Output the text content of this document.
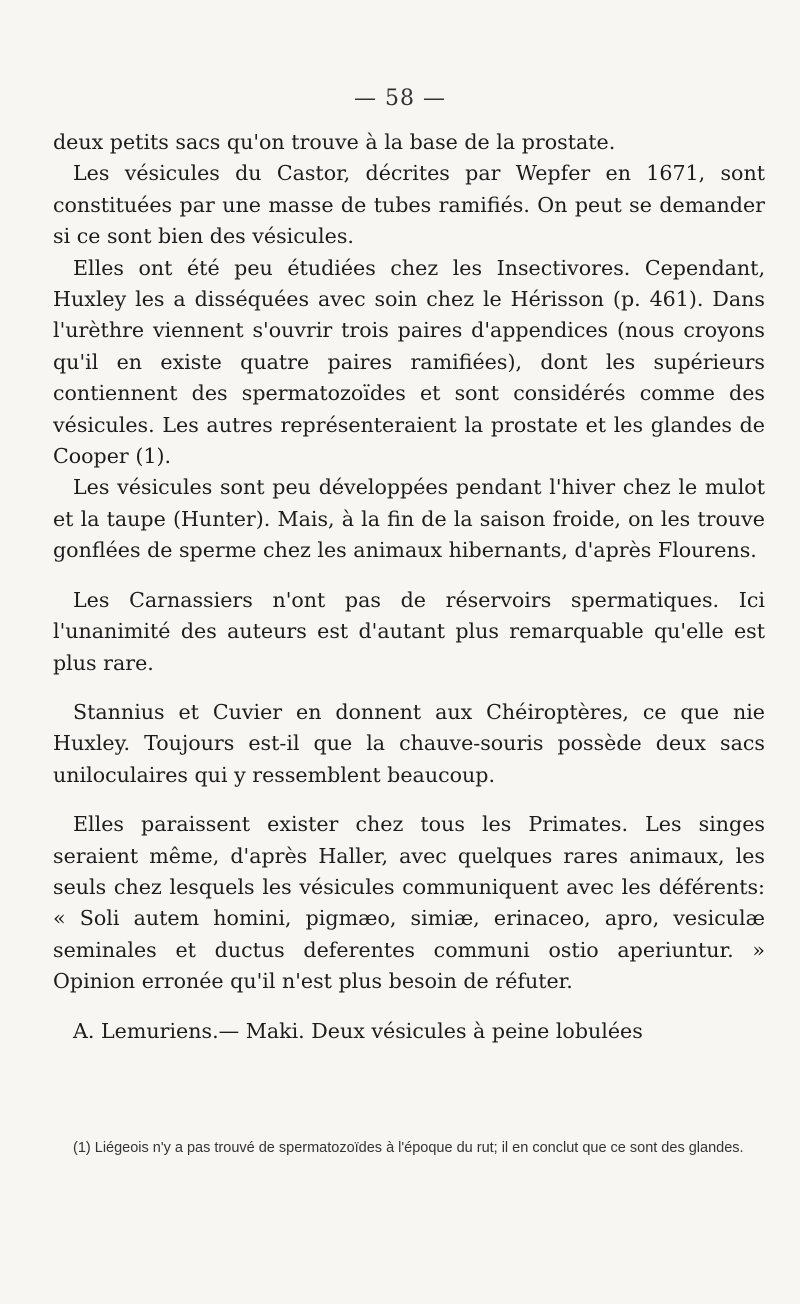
— 58 —

deux petits sacs qu'on trouve à la base de la prostate.

Les vésicules du Castor, décrites par Wepfer en 1671, sont constituées par une masse de tubes ramifiés. On peut se demander si ce sont bien des vésicules.

Elles ont été peu étudiées chez les Insectivores. Cependant, Huxley les a disséquées avec soin chez le Hérisson (p. 461). Dans l'urèthre viennent s'ouvrir trois paires d'appendices (nous croyons qu'il en existe quatre paires ramifiées), dont les supérieurs contiennent des spermatozoïdes et sont considérés comme des vésicules. Les autres représenteraient la prostate et les glandes de Cooper (1).

Les vésicules sont peu développées pendant l'hiver chez le mulot et la taupe (Hunter). Mais, à la fin de la saison froide, on les trouve gonflées de sperme chez les animaux hibernants, d'après Flourens.

Les Carnassiers n'ont pas de réservoirs spermatiques. Ici l'unanimité des auteurs est d'autant plus remarquable qu'elle est plus rare.

Stannius et Cuvier en donnent aux Chéiroptères, ce que nie Huxley. Toujours est-il que la chauve-souris possède deux sacs uniloculaires qui y ressemblent beaucoup.

Elles paraissent exister chez tous les Primates. Les singes seraient même, d'après Haller, avec quelques rares animaux, les seuls chez lesquels les vésicules communiquent avec les déférents: « Soli autem homini, pigmæo, simiæ, erinaceo, apro, vesiculæ seminales et ductus deferentes communi ostio aperiuntur. » Opinion erronée qu'il n'est plus besoin de réfuter.

A. Lemuriens.— Maki. Deux vésicules à peine lobulées

(1) Liégeois n'y a pas trouvé de spermatozoïdes à l'époque du rut; il en conclut que ce sont des glandes.
